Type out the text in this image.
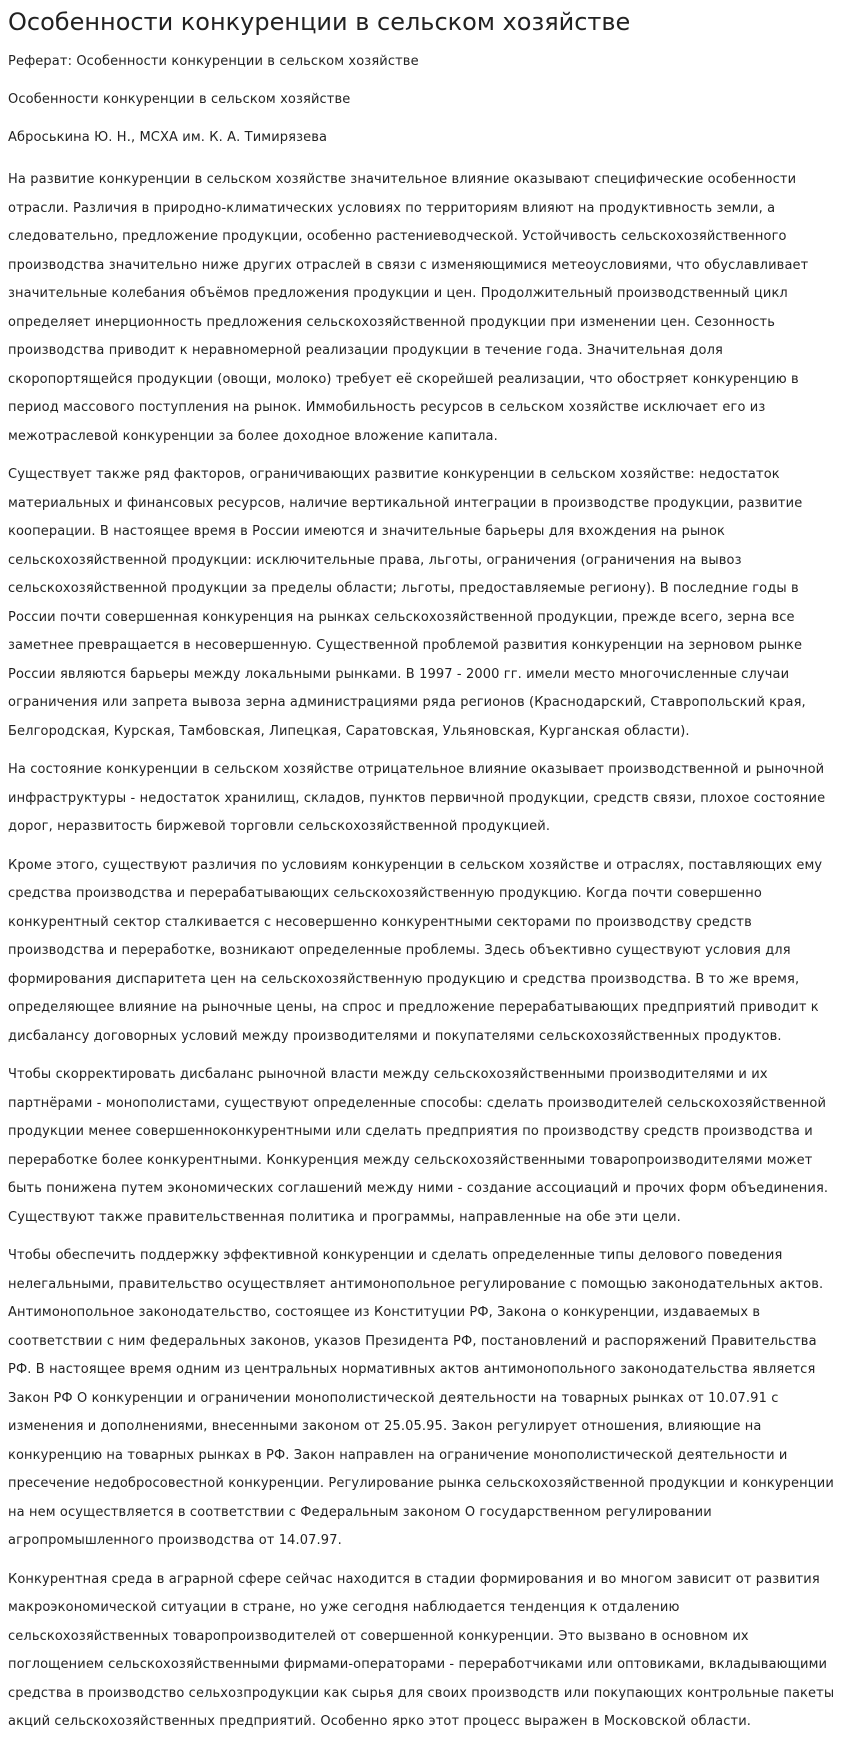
Особенности конкуренции в сельском хозяйстве

Реферат: Особенности конкуренции в сельском хозяйстве

Особенности конкуренции в сельском хозяйстве

Аброськина Ю. Н., МСХА им. К. А. Тимирязева

На развитие конкуренции в сельском хозяйстве значительное влияние оказывают специфические особенности отрасли. Различия в природно-климатических условиях по территориям влияют на продуктивность земли, а следовательно, предложение продукции, особенно растениеводческой. Устойчивость сельскохозяйственного производства значительно ниже других отраслей в связи с изменяющимися метеоусловиями, что обуславливает значительные колебания объёмов предложения продукции и цен. Продолжительный производственный цикл определяет инерционность предложения сельскохозяйственной продукции при изменении цен. Сезонность производства приводит к неравномерной реализации продукции в течение года. Значительная доля скоропортящейся продукции (овощи, молоко) требует её скорейшей реализации, что обостряет конкуренцию в период массового поступления на рынок. Иммобильность ресурсов в сельском хозяйстве исключает его из межотраслевой конкуренции за более доходное вложение капитала.

Существует также ряд факторов, ограничивающих развитие конкуренции в сельском хозяйстве: недостаток материальных и финансовых ресурсов, наличие вертикальной интеграции в производстве продукции, развитие кооперации. В настоящее время в России имеются и значительные барьеры для вхождения на рынок сельскохозяйственной продукции: исключительные права, льготы, ограничения (ограничения на вывоз сельскохозяйственной продукции за пределы области; льготы, предоставляемые региону). В последние годы в России почти совершенная конкуренция на рынках сельскохозяйственной продукции, прежде всего, зерна все заметнее превращается в несовершенную. Существенной проблемой развития конкуренции на зерновом рынке России являются барьеры между локальными рынками. В 1997 - 2000 гг. имели место многочисленные случаи ограничения или запрета вывоза зерна администрациями ряда регионов (Краснодарский, Ставропольский края, Белгородская, Курская, Тамбовская, Липецкая, Саратовская, Ульяновская, Курганская области).

На состояние конкуренции в сельском хозяйстве отрицательное влияние оказывает производственной и рыночной инфраструктуры - недостаток хранилищ, складов, пунктов первичной продукции, средств связи, плохое состояние дорог, неразвитость биржевой торговли сельскохозяйственной продукцией.

Кроме этого, существуют различия по условиям конкуренции в сельском хозяйстве и отраслях, поставляющих ему средства производства и перерабатывающих сельскохозяйственную продукцию. Когда почти совершенно конкурентный сектор сталкивается с несовершенно конкурентными секторами по производству средств производства и переработке, возникают определенные проблемы. Здесь объективно существуют условия для формирования диспаритета цен на сельскохозяйственную продукцию и средства производства. В то же время, определяющее влияние на рыночные цены, на спрос и предложение перерабатывающих предприятий приводит к дисбалансу договорных условий между производителями и покупателями сельскохозяйственных продуктов.

Чтобы скорректировать дисбаланс рыночной власти между сельскохозяйственными производителями и их партнёрами - монополистами, существуют определенные способы: сделать производителей сельскохозяйственной продукции менее совершенноконкурентными или сделать предприятия по производству средств производства и переработке более конкурентными. Конкуренция между сельскохозяйственными товаропроизводителями может быть понижена путем экономических соглашений между ними - создание ассоциаций и прочих форм объединения. Существуют также правительственная политика и программы, направленные на обе эти цели.

Чтобы обеспечить поддержку эффективной конкуренции и сделать определенные типы делового поведения нелегальными, правительство осуществляет антимонопольное регулирование с помощью законодательных актов. Антимонопольное законодательство, состоящее из Конституции РФ, Закона о конкуренции, издаваемых в соответствии с ним федеральных законов, указов Президента РФ, постановлений и распоряжений Правительства РФ. В настоящее время одним из центральных нормативных актов антимонопольного законодательства является Закон РФ О конкуренции и ограничении монополистической деятельности на товарных рынках от 10.07.91 с изменения и дополнениями, внесенными законом от 25.05.95. Закон регулирует отношения, влияющие на конкуренцию на товарных рынках в РФ. Закон направлен на ограничение монополистической деятельности и пресечение недобросовестной конкуренции. Регулирование рынка сельскохозяйственной продукции и конкуренции на нем осуществляется в соответствии с Федеральным законом О государственном регулировании агропромышленного производства от 14.07.97.

Конкурентная среда в аграрной сфере сейчас находится в стадии формирования и во многом зависит от развития макроэкономической ситуации в стране, но уже сегодня наблюдается тенденция к отдалению сельскохозяйственных товаропроизводителей от совершенной конкуренции. Это вызвано в основном их поглощением сельскохозяйственными фирмами-операторами - переработчиками или оптовиками, вкладывающими средства в производство сельхозпродукции как сырья для своих производств или покупающих контрольные пакеты акций сельскохозяйственных предприятий. Особенно ярко этот процесс выражен в Московской области.
